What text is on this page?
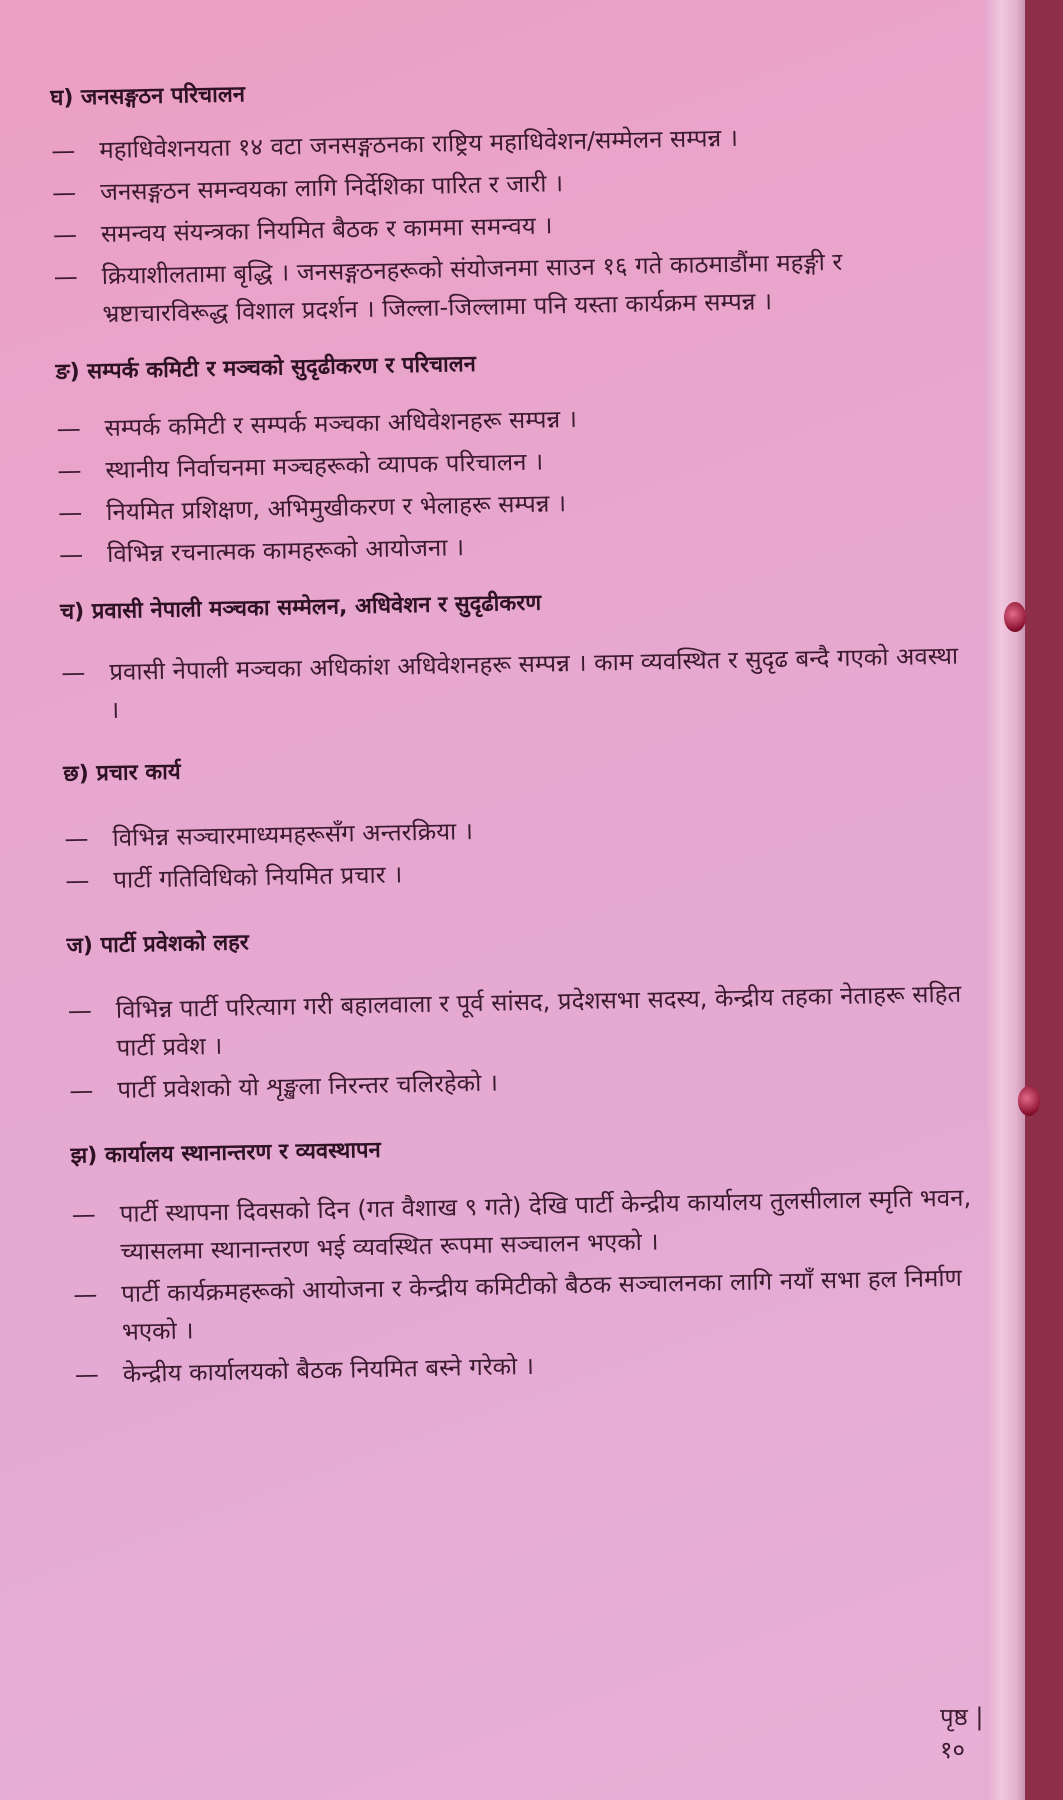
घ) जनसङ्गठन परिचालन
— महाधिवेशनयता १४ वटा जनसङ्गठनका राष्ट्रिय महाधिवेशन/सम्मेलन सम्पन्न ।
— जनसङ्गठन समन्वयका लागि निर्देशिका पारित र जारी ।
— समन्वय संयन्त्रका नियमित बैठक र काममा समन्वय ।
— क्रियाशीलतामा बृद्धि । जनसङ्गठनहरूको संयोजनमा साउन १६ गते काठमाडौंमा महङ्गी र भ्रष्टाचारविरूद्ध विशाल प्रदर्शन । जिल्ला-जिल्लामा पनि यस्ता कार्यक्रम सम्पन्न ।
ङ) सम्पर्क कमिटी र मञ्चको सुदृढीकरण र परिचालन
— सम्पर्क कमिटी र सम्पर्क मञ्चका अधिवेशनहरू सम्पन्न ।
— स्थानीय निर्वाचनमा मञ्चहरूको व्यापक परिचालन ।
— नियमित प्रशिक्षण, अभिमुखीकरण र भेलाहरू सम्पन्न ।
— विभिन्न रचनात्मक कामहरूको आयोजना ।
च) प्रवासी नेपाली मञ्चका सम्मेलन, अधिवेशन र सुदृढीकरण
— प्रवासी नेपाली मञ्चका अधिकांश अधिवेशनहरू सम्पन्न । काम व्यवस्थित र सुदृढ बन्दै गएको अवस्था ।
छ) प्रचार कार्य
— विभिन्न सञ्चारमाध्यमहरूसँग अन्तरक्रिया ।
— पार्टी गतिविधिको नियमित प्रचार ।
ज) पार्टी प्रवेशको लहर
— विभिन्न पार्टी परित्याग गरी बहालवाला र पूर्व सांसद, प्रदेशसभा सदस्य, केन्द्रीय तहका नेताहरू सहित पार्टी प्रवेश ।
— पार्टी प्रवेशको यो शृङ्खला निरन्तर चलिरहेको ।
झ) कार्यालय स्थानान्तरण र व्यवस्थापन
— पार्टी स्थापना दिवसको दिन (गत वैशाख ९ गते) देखि पार्टी केन्द्रीय कार्यालय तुलसीलाल स्मृति भवन, च्यासलमा स्थानान्तरण भई व्यवस्थित रूपमा सञ्चालन भएको ।
— पार्टी कार्यक्रमहरूको आयोजना र केन्द्रीय कमिटीको बैठक सञ्चालनका लागि नयाँ सभा हल निर्माण भएको ।
— केन्द्रीय कार्यालयको बैठक नियमित बस्ने गरेको ।
पृष्ठ | १०
